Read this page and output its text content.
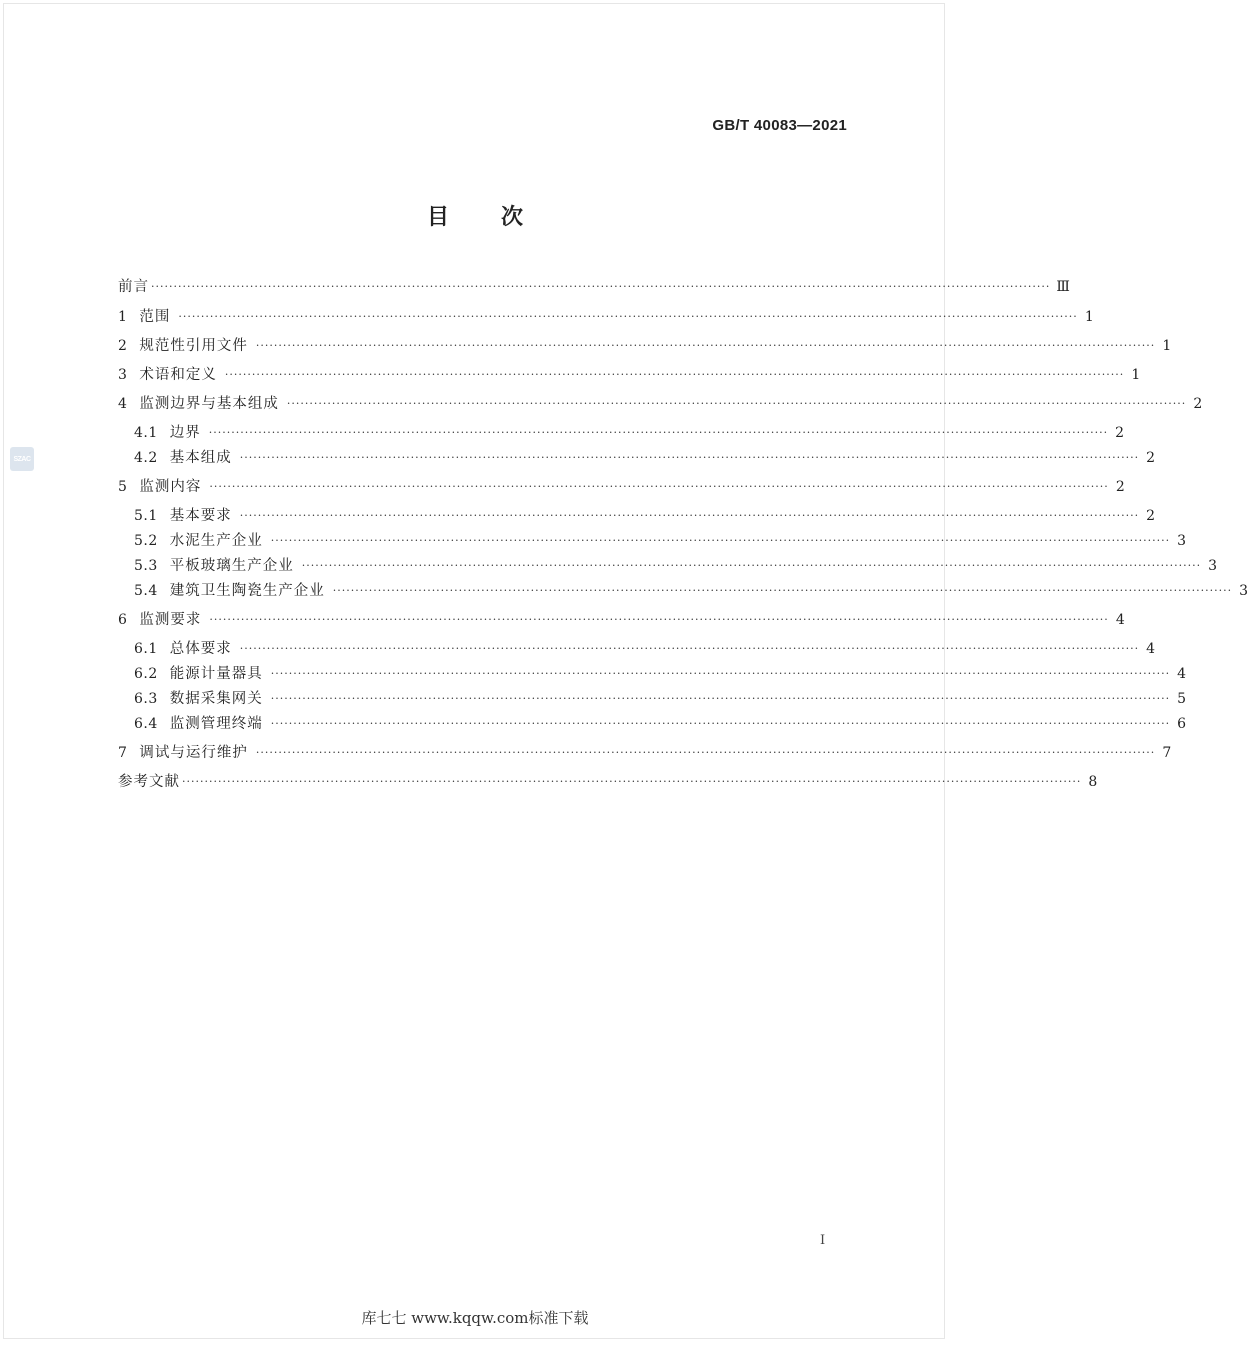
GB/T 40083—2021
目次
SZAC
前言 ········································································································································································································ Ⅲ
1 范围 ········································································································································································································ 1
2 规范性引用文件 ········································································································································································································ 1
3 术语和定义 ········································································································································································································ 1
4 监测边界与基本组成 ········································································································································································································ 2
4.1 边界 ········································································································································································································ 2
4.2 基本组成 ········································································································································································································ 2
5 监测内容 ········································································································································································································ 2
5.1 基本要求 ········································································································································································································ 2
5.2 水泥生产企业 ········································································································································································································ 3
5.3 平板玻璃生产企业 ········································································································································································································ 3
5.4 建筑卫生陶瓷生产企业 ········································································································································································································ 3
6 监测要求 ········································································································································································································ 4
6.1 总体要求 ········································································································································································································ 4
6.2 能源计量器具 ········································································································································································································ 4
6.3 数据采集网关 ········································································································································································································ 5
6.4 监测管理终端 ········································································································································································································ 6
7 调试与运行维护 ········································································································································································································ 7
参考文献 ········································································································································································································ 8
I
库七七 www.kqqw.com标准下载
